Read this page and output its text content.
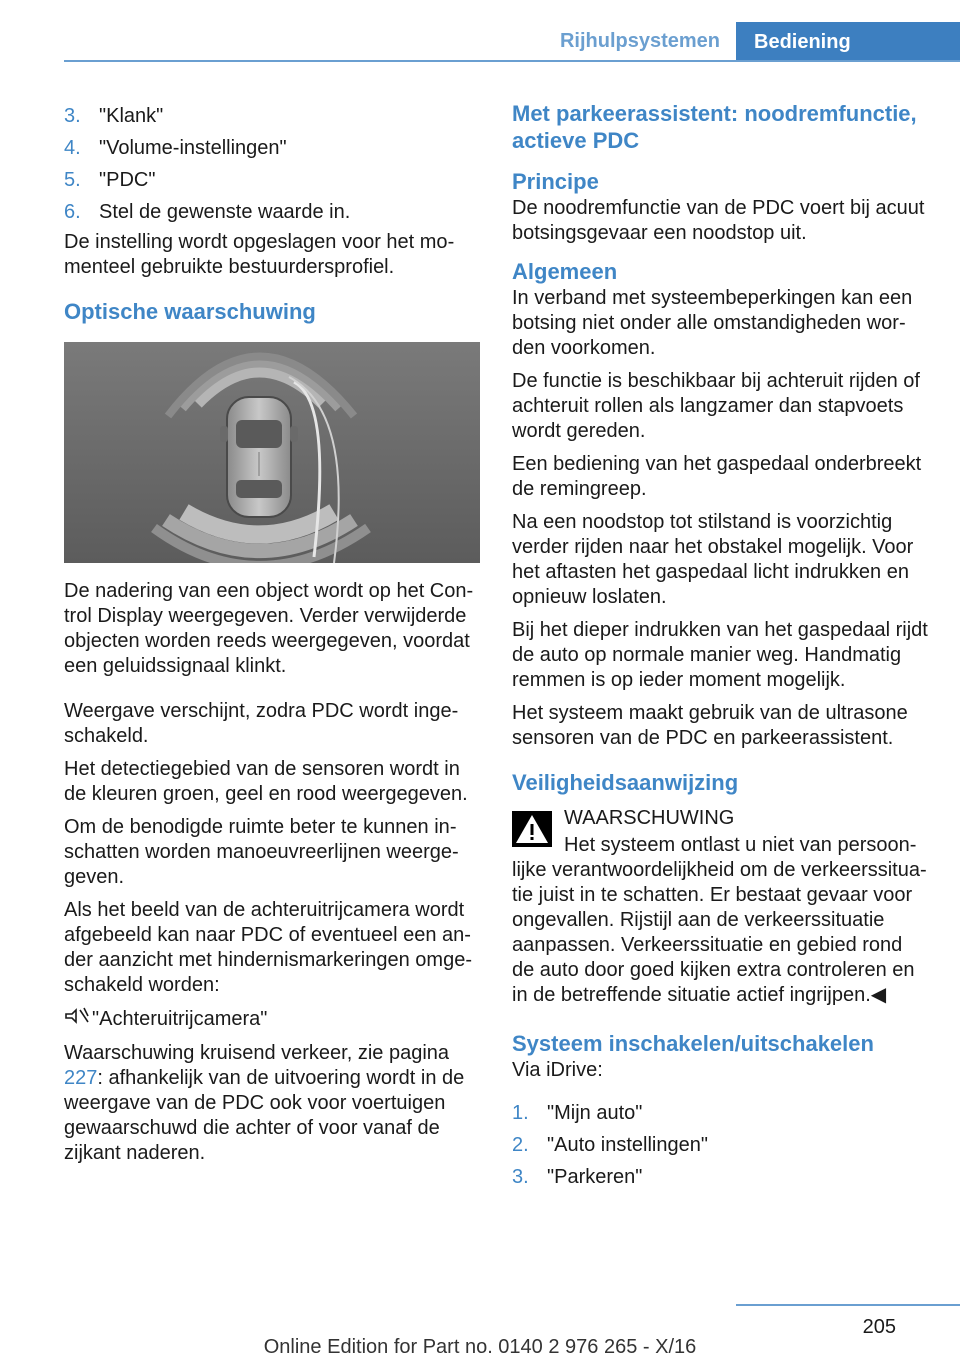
Rijhulpsystemen	Bediening
3. "Klank"
4. "Volume-instellingen"
5. "PDC"
6. Stel de gewenste waarde in.

De instelling wordt opgeslagen voor het momenteel gebruikte bestuurdersprofiel.

Optische waarschuwing

De nadering van een object wordt op het Control Display weergegeven. Verder verwijderde objecten worden reeds weergegeven, voordat een geluidssignaal klinkt.

Weergave verschijnt, zodra PDC wordt ingeschakeld.

Het detectiegebied van de sensoren wordt in de kleuren groen, geel en rood weergegeven.

Om de benodigde ruimte beter te kunnen inschatten worden manoeuvreerlijnen weergegeven.

Als het beeld van de achteruitrijcamera wordt afgebeeld kan naar PDC of eventueel een ander aanzicht met hindernismarkeringen omgeschakeld worden:

"Achteruitrijcamera"

Waarschuwing kruisend verkeer, zie pagina 227: afhankelijk van de uitvoering wordt in de weergave van de PDC ook voor voertuigen gewaarschuwd die achter of voor vanaf de zijkant naderen.

Met parkeerassistent: noodremfunctie, actieve PDC
Principe

De noodremfunctie van de PDC voert bij acuut botsingsgevaar een noodstop uit.

Algemeen

In verband met systeembeperkingen kan een botsing niet onder alle omstandigheden worden voorkomen.

De functie is beschikbaar bij achteruit rijden of achteruit rollen als langzamer dan stapvoets wordt gereden.

Een bediening van het gaspedaal onderbreekt de remingreep.

Na een noodstop tot stilstand is voorzichtig verder rijden naar het obstakel mogelijk. Voor het aftasten het gaspedaal licht indrukken en opnieuw loslaten.

Bij het dieper indrukken van het gaspedaal rijdt de auto op normale manier weg. Handmatig remmen is op ieder moment mogelijk.

Het systeem maakt gebruik van de ultrasone sensoren van de PDC en parkeerassistent.

Veiligheidsaanwijzing
WAARSCHUWING
Het systeem ontlast u niet van persoonlijke verantwoordelijkheid om de verkeerssituatie juist in te schatten. Er bestaat gevaar voor ongevallen. Rijstijl aan de verkeerssituatie aanpassen. Verkeerssituatie en gebied rond de auto door goed kijken extra controleren en in de betreffende situatie actief ingrijpen.◀
Systeem inschakelen/uitschakelen

Via iDrive:

1. "Mijn auto"
2. "Auto instellingen"
3. "Parkeren"
205
Online Edition for Part no. 0140 2 976 265 - X/16
